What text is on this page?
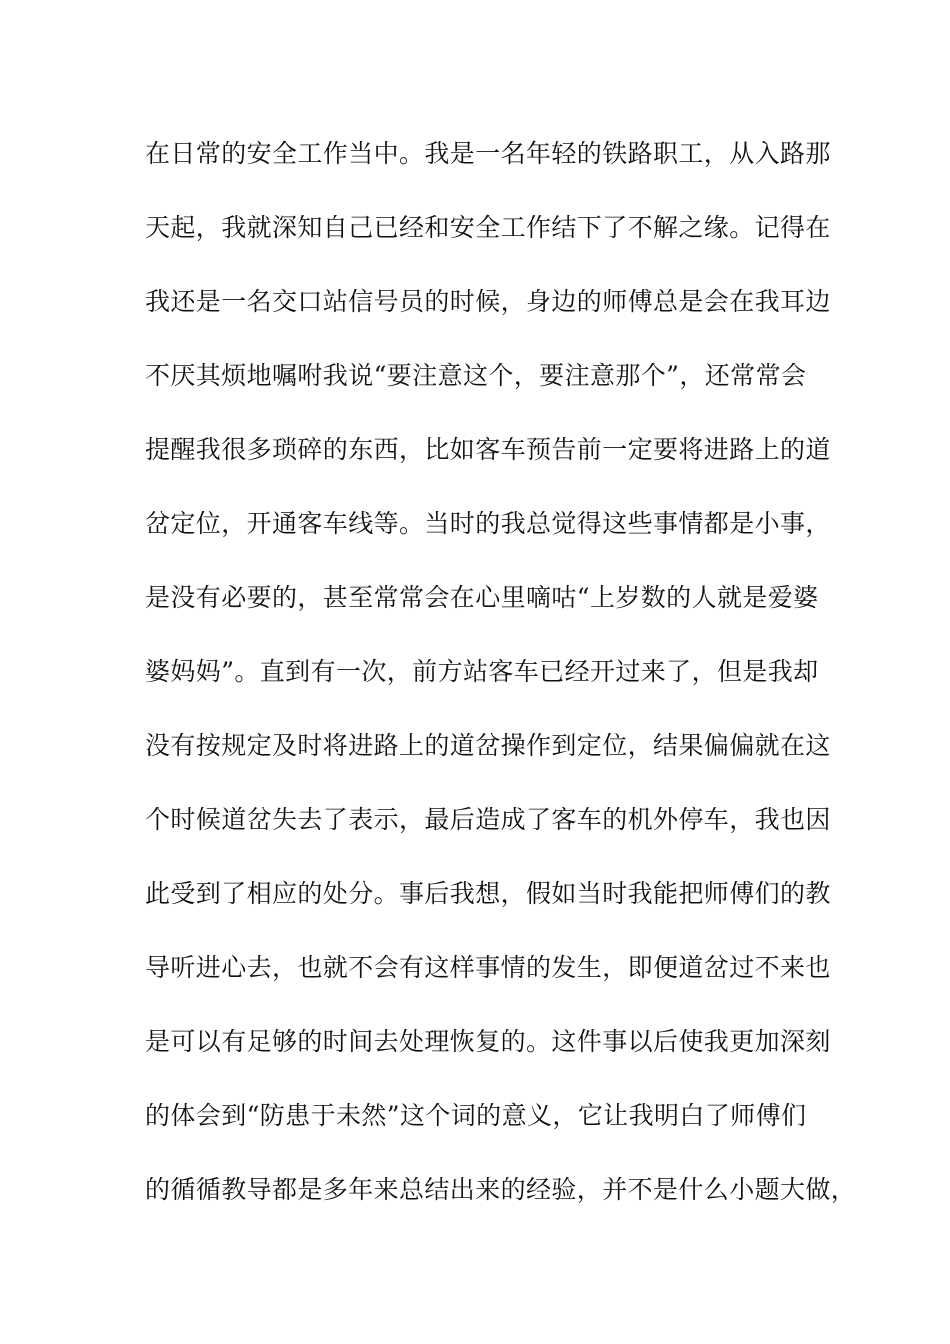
在日常的安全工作当中。我是一名年轻的铁路职工，从入路那
天起，我就深知自己已经和安全工作结下了不解之缘。记得在
我还是一名交口站信号员的时候，身边的师傅总是会在我耳边
不厌其烦地嘱咐我说“要注意这个，要注意那个”，还常常会
提醒我很多琐碎的东西，比如客车预告前一定要将进路上的道
岔定位，开通客车线等。当时的我总觉得这些事情都是小事，
是没有必要的，甚至常常会在心里嘀咕“上岁数的人就是爱婆
婆妈妈”。直到有一次，前方站客车已经开过来了，但是我却
没有按规定及时将进路上的道岔操作到定位，结果偏偏就在这
个时候道岔失去了表示，最后造成了客车的机外停车，我也因
此受到了相应的处分。事后我想，假如当时我能把师傅们的教
导听进心去，也就不会有这样事情的发生，即便道岔过不来也
是可以有足够的时间去处理恢复的。这件事以后使我更加深刻
的体会到“防患于未然”这个词的意义，它让我明白了师傅们
的循循教导都是多年来总结出来的经验，并不是什么小题大做，
